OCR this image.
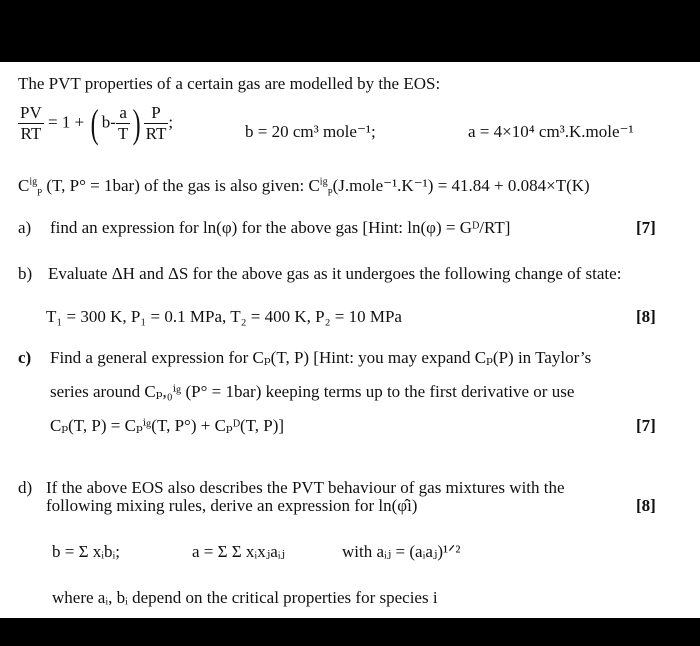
The PVT properties of a certain gas are modelled by the EOS:
$\frac{PV}{RT} = 1$ + ( $b- \frac{a}{T}$ ) $\frac{P}{RT}$ ;
b = 20 cm³ mole⁻¹;	a = 4×10⁴ cm³.K.mole⁻¹
$C^{ig}_P$ (T, P° = 1bar) of the gas is also given: $C^{ig}_P(J.mole^{-1}.K^{-1}) = 41.84 + 0.084\times T(K)$
a) find an expression for ln(φ) for the above gas [Hint: ln(φ) = Gᴰ/RT]	[7]
b) Evaluate ΔH and ΔS for the above gas as it undergoes the following change of state:
T₁ = 300 K, P₁ = 0.1 MPa, T₂ = 400 K, P₂ = 10 MPa	[8]
c) Find a general expression for Cₚ(T, P) [Hint: you may expand Cₚ(P) in Taylor’s
series around Cₚ,₀ⁱᵍ (P° = 1bar) keeping terms up to the first derivative or use
Cₚ(T, P) = Cₚⁱᵍ(T, P°) + Cₚᴰ(T, P)]	[7]
d) If the above EOS also describes the PVT behaviour of gas mixtures with the
following mixing rules, derive an expression for ln(φ̂i)	[8]
b = Σ xᵢbᵢ;	a = Σ Σ xᵢxⱼaᵢⱼ	with aᵢⱼ = (aᵢaⱼ)¹ᐟ²
where aᵢ, bᵢ depend on the critical properties for species i
